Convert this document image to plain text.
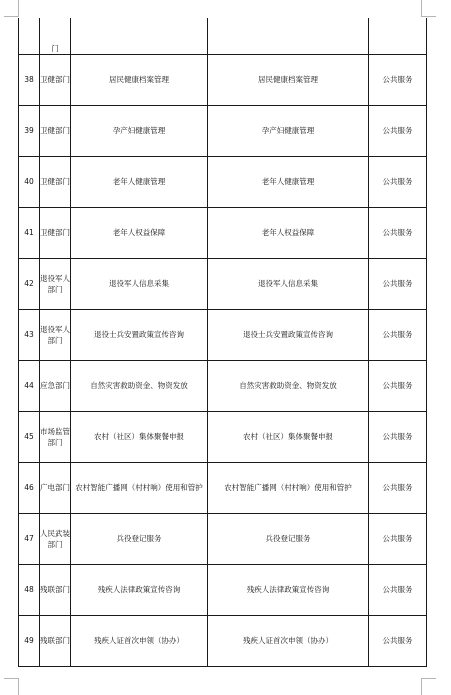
	门			
38	卫健部门	居民健康档案管理	居民健康档案管理	公共服务
39	卫健部门	孕产妇健康管理	孕产妇健康管理	公共服务
40	卫健部门	老年人健康管理	老年人健康管理	公共服务
41	卫健部门	老年人权益保障	老年人权益保障	公共服务
42	退役军人部门	退役军人信息采集	退役军人信息采集	公共服务
43	退役军人部门	退役士兵安置政策宣传咨询	退役士兵安置政策宣传咨询	公共服务
44	应急部门	自然灾害救助资金、物资发放	自然灾害救助资金、物资发放	公共服务
45	市场监管部门	农村（社区）集体聚餐申报	农村（社区）集体聚餐申报	公共服务
46	广电部门	农村智能广播网（村村响）使用和管护	农村智能广播网（村村响）使用和管护	公共服务
47	人民武装部门	兵役登记服务	兵役登记服务	公共服务
48	残联部门	残疾人法律政策宣传咨询	残疾人法律政策宣传咨询	公共服务
49	残联部门	残疾人证首次申领（协办）	残疾人证首次申领（协办）	公共服务
